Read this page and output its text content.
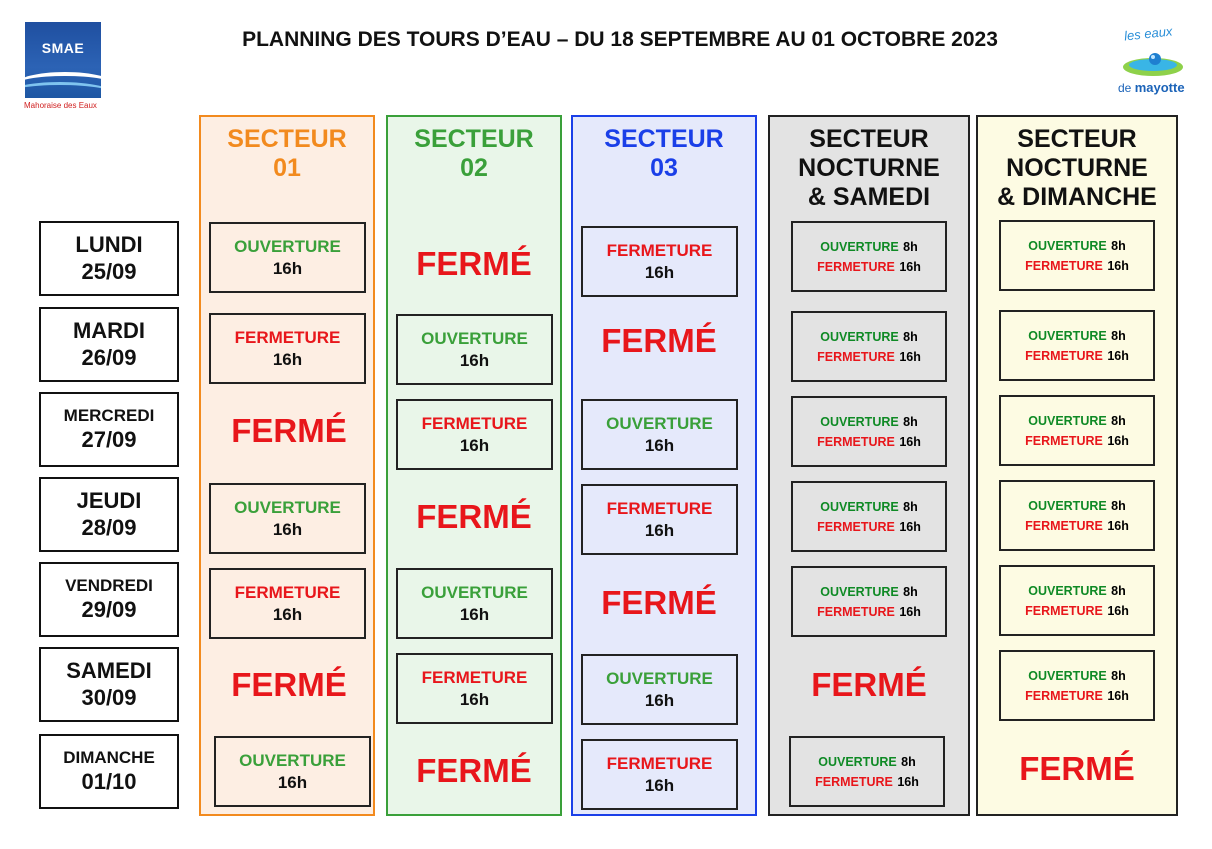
PLANNING DES TOURS D’EAU – DU 18 SEPTEMBRE AU 01 OCTOBRE 2023
SMAE
Mahoraise des Eaux
les eaux
de mayotte
SECTEUR
01
SECTEUR
02
SECTEUR
03
SECTEUR
NOCTURNE
& SAMEDI
SECTEUR
NOCTURNE
& DIMANCHE
LUNDI
25/09
MARDI
26/09
MERCREDI
27/09
JEUDI
28/09
VENDREDI
29/09
SAMEDI
30/09
DIMANCHE
01/10
OUVERTURE
16h
FERMETURE
16h
FERMÉ
OUVERTURE
16h
FERMETURE
16h
FERMÉ
OUVERTURE
16h
FERMÉ
OUVERTURE
16h
FERMETURE
16h
FERMÉ
OUVERTURE
16h
FERMETURE
16h
FERMÉ
FERMETURE
16h
FERMÉ
OUVERTURE
16h
FERMETURE
16h
FERMÉ
OUVERTURE
16h
FERMETURE
16h
OUVERTURE 8h
FERMETURE 16h
OUVERTURE 8h
FERMETURE 16h
OUVERTURE 8h
FERMETURE 16h
OUVERTURE 8h
FERMETURE 16h
OUVERTURE 8h
FERMETURE 16h
FERMÉ
OUVERTURE 8h
FERMETURE 16h
OUVERTURE 8h
FERMETURE 16h
OUVERTURE 8h
FERMETURE 16h
OUVERTURE 8h
FERMETURE 16h
OUVERTURE 8h
FERMETURE 16h
OUVERTURE 8h
FERMETURE 16h
OUVERTURE 8h
FERMETURE 16h
FERMÉ
